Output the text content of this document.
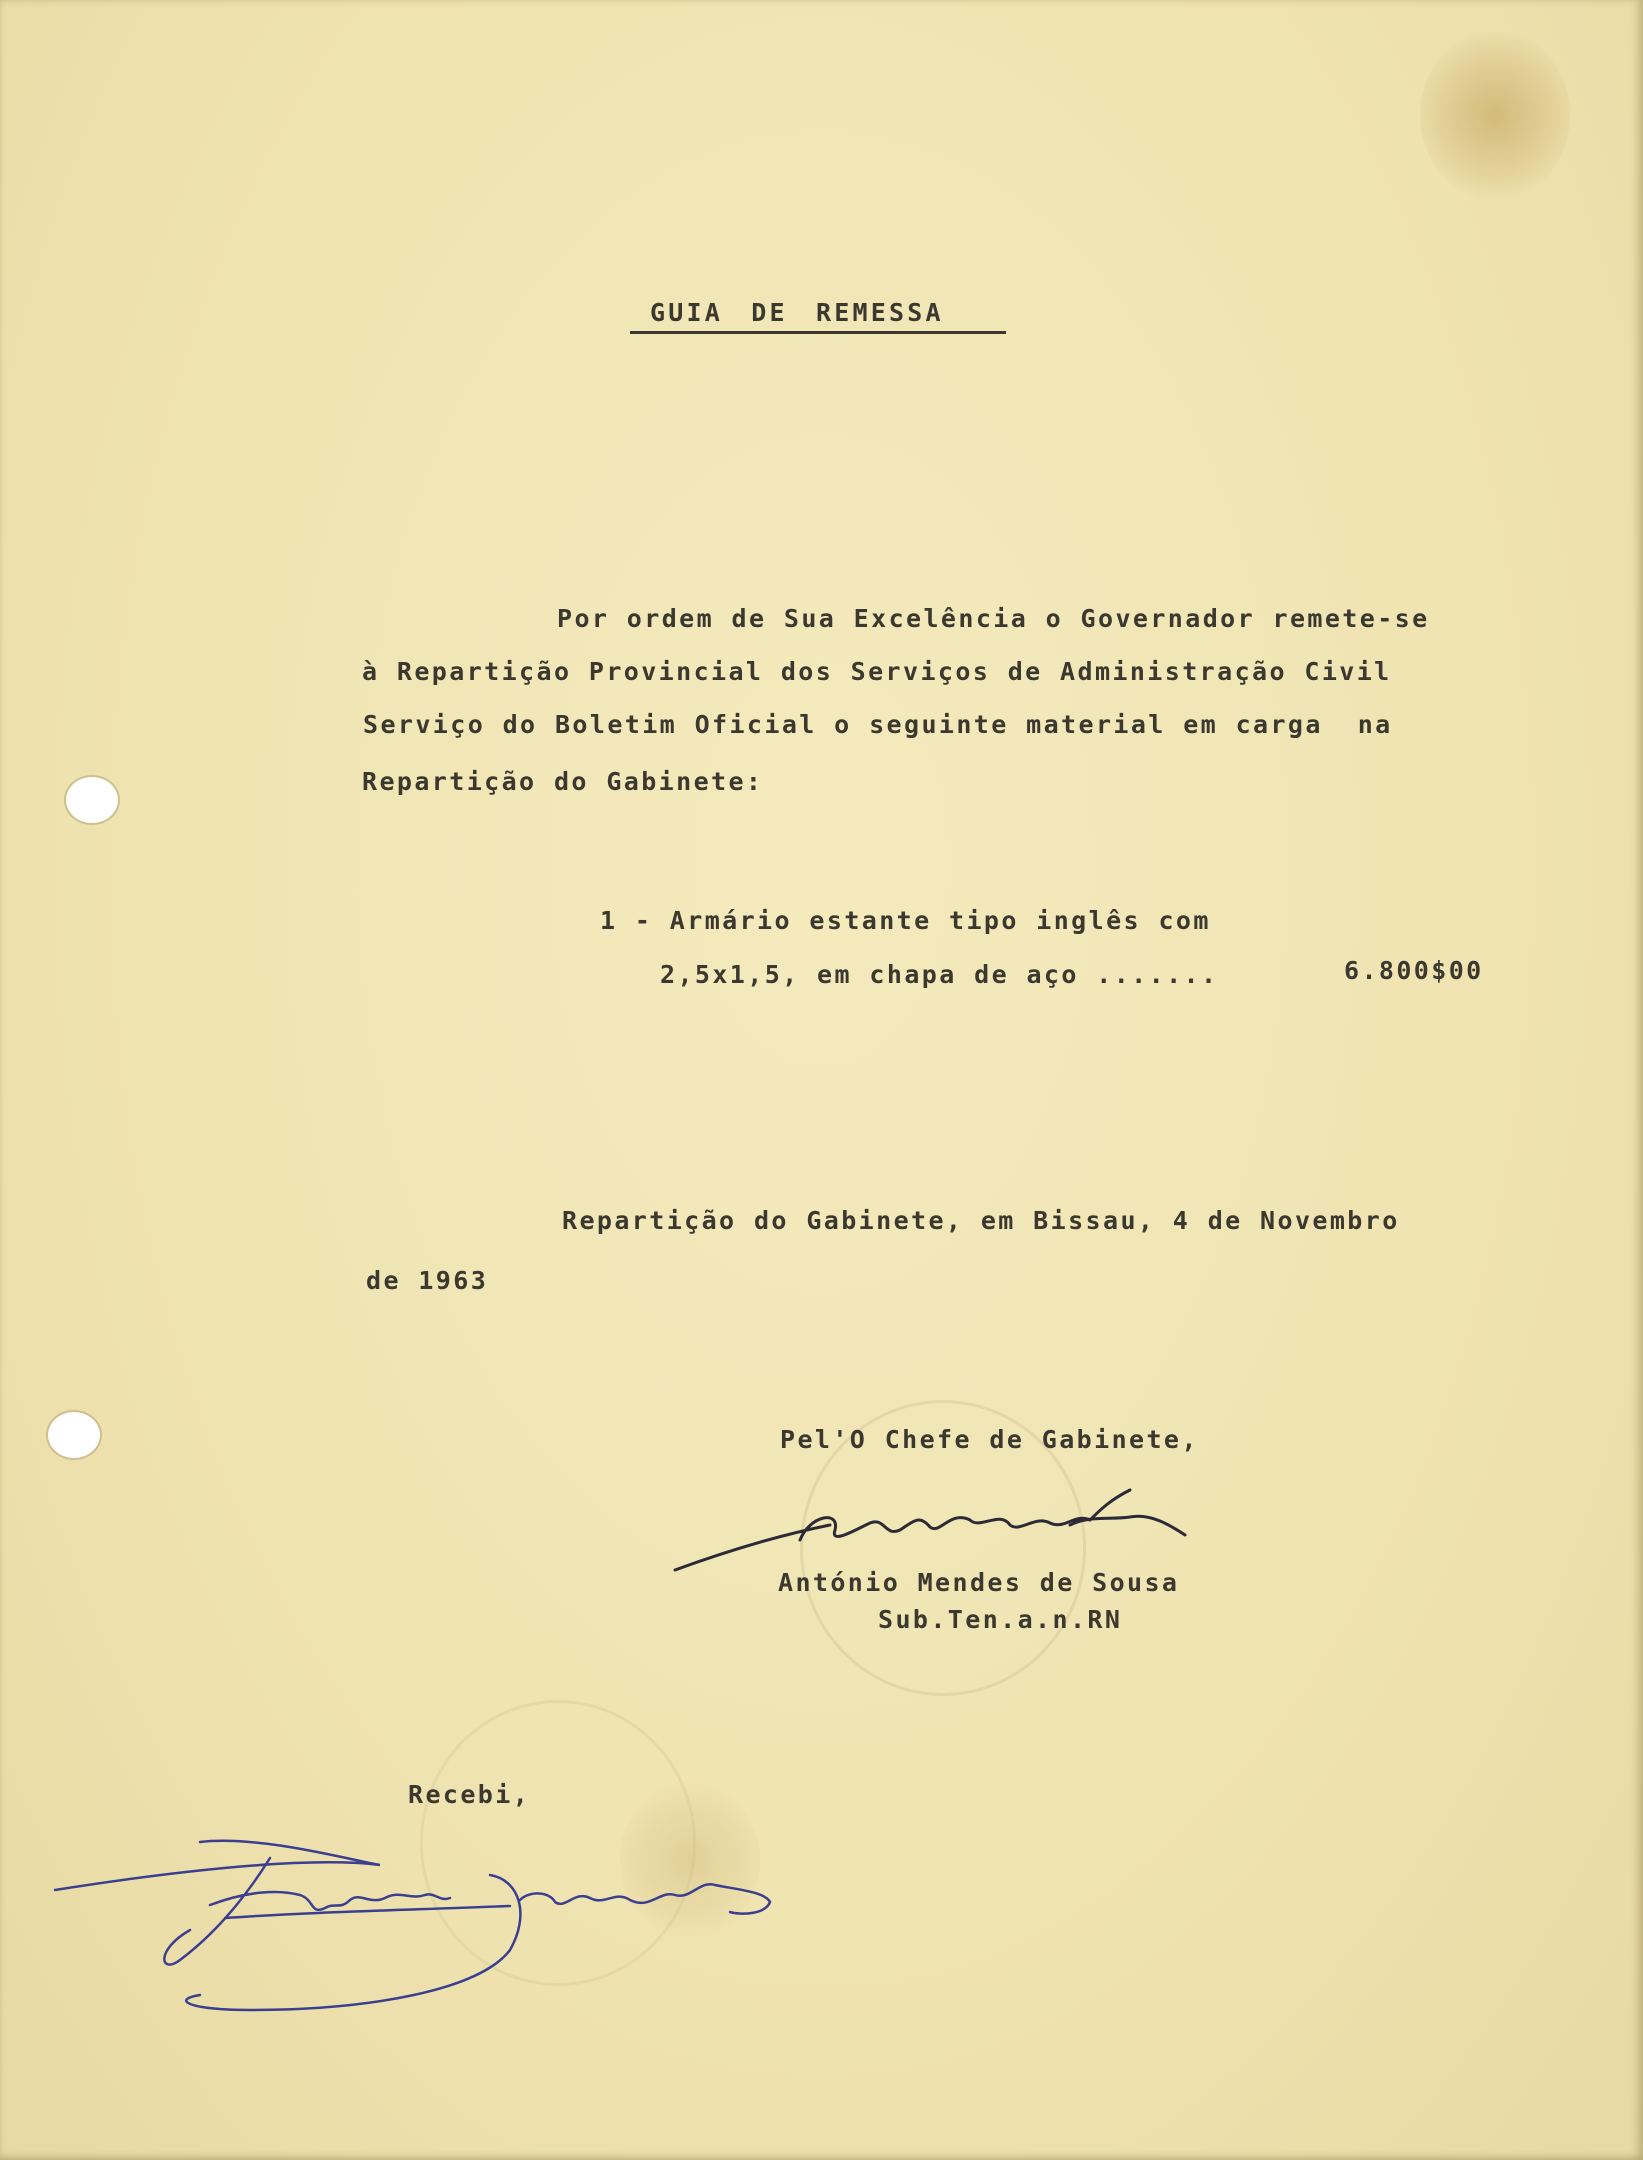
GUIA DE REMESSA
Por ordem de Sua Excelência o Governador remete-se
à Repartição Provincial dos Serviços de Administração Civil
Serviço do Boletim Oficial o seguinte material em carga  na
Repartição do Gabinete:
1 - Armário estante tipo inglês com
2,5x1,5, em chapa de aço .......	6.800$00
Repartição do Gabinete, em Bissau, 4 de Novembro
de 1963
Pel'O Chefe de Gabinete,
António Mendes de Sousa
Sub.Ten.a.n.RN
Recebi,
